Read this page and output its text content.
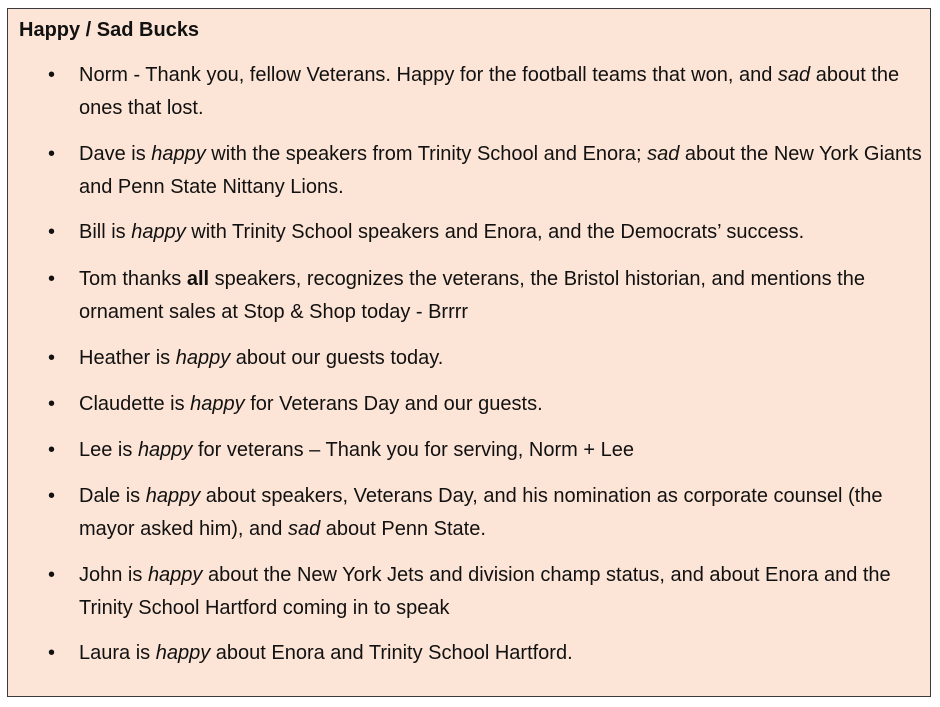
Happy / Sad Bucks
• Norm - Thank you, fellow Veterans. Happy for the football teams that won, and sad about the ones that lost.
• Dave is happy with the speakers from Trinity School and Enora; sad about the New York Giants and Penn State Nittany Lions.
• Bill is happy with Trinity School speakers and Enora, and the Democrats’ success.
• Tom thanks all speakers, recognizes the veterans, the Bristol historian, and mentions the ornament sales at Stop & Shop today - Brrrr
• Heather is happy about our guests today.
• Claudette is happy for Veterans Day and our guests.
• Lee is happy for veterans – Thank you for serving, Norm + Lee
• Dale is happy about speakers, Veterans Day, and his nomination as corporate counsel (the mayor asked him), and sad about Penn State.
• John is happy about the New York Jets and division champ status, and about Enora and the Trinity School Hartford coming in to speak
• Laura is happy about Enora and Trinity School Hartford.
